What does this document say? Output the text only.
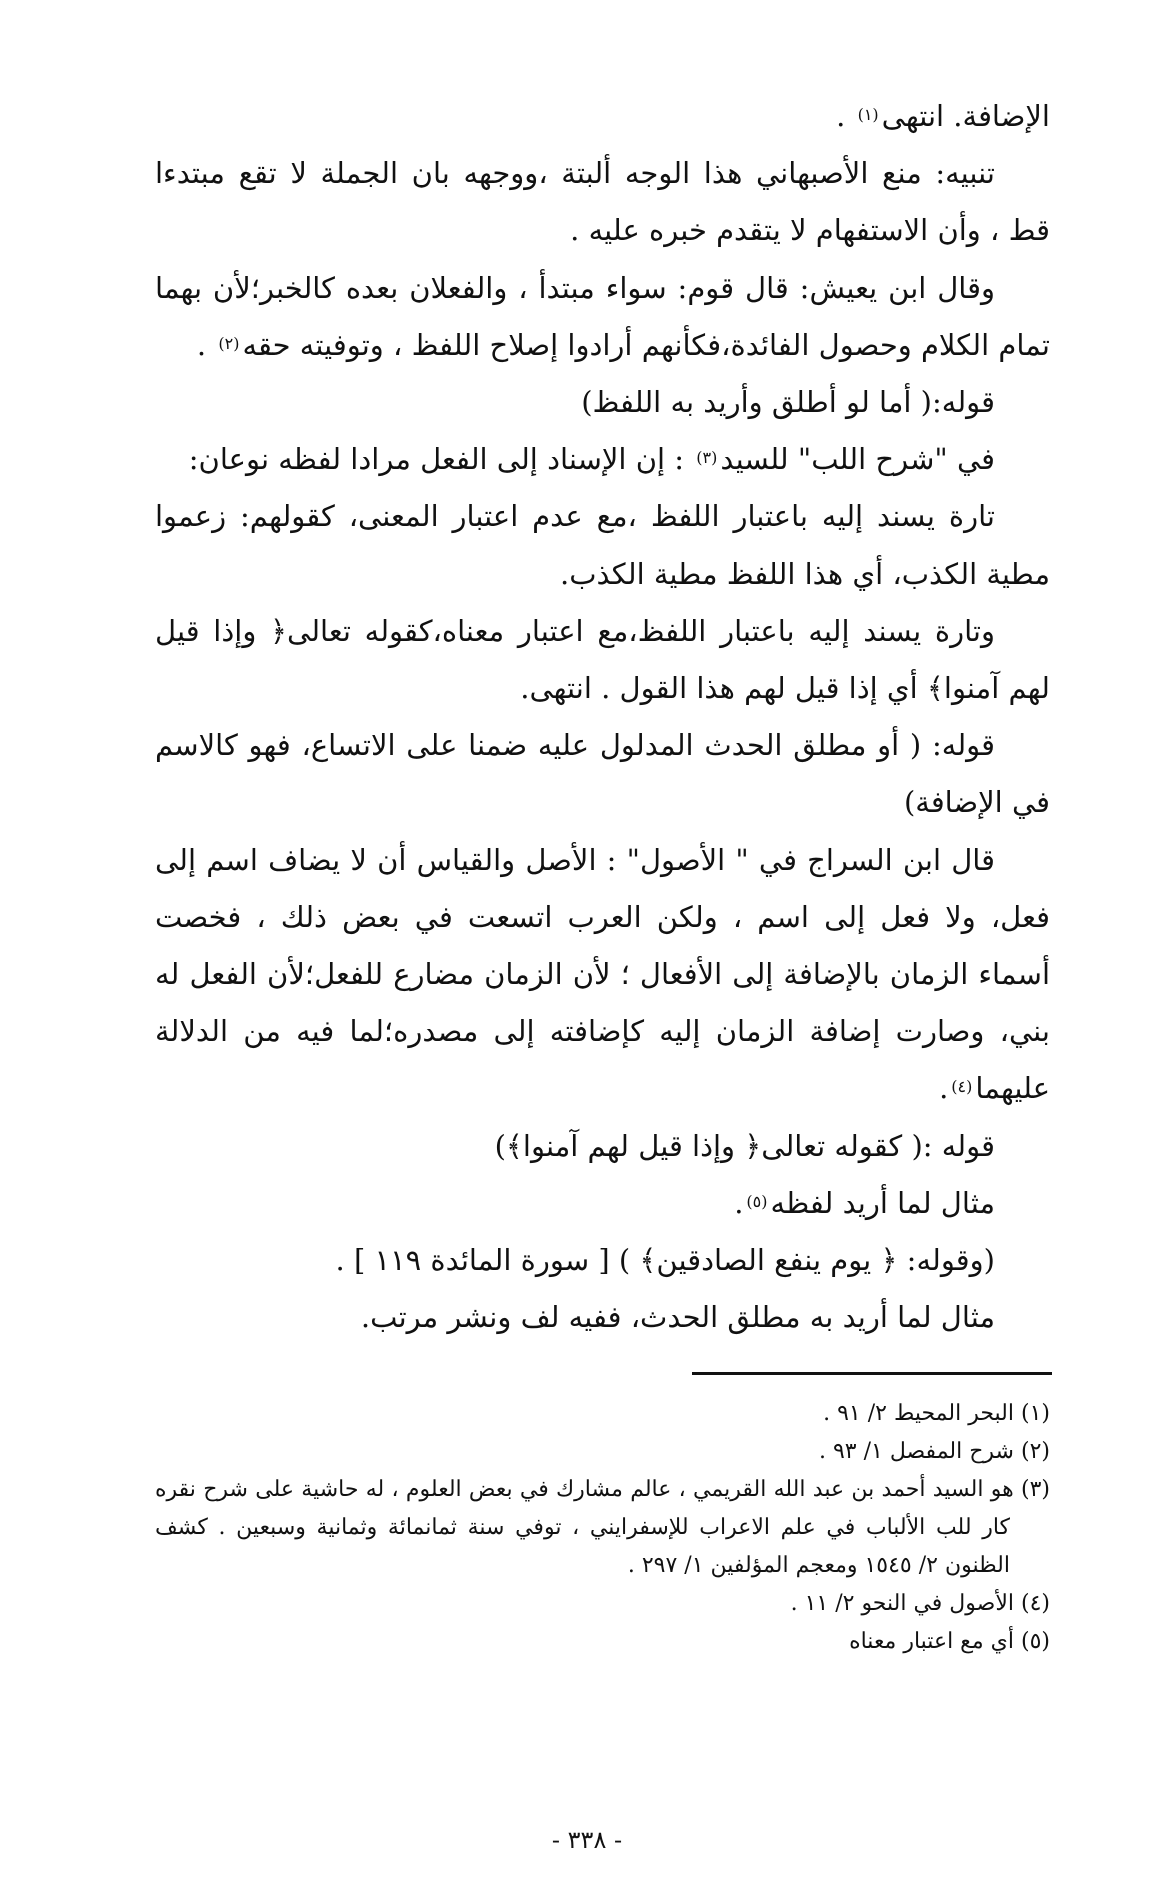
الإضافة. انتهى$^{(١)}$ .

تنبيه: منع الأصبهاني هذا الوجه ألبتة ،ووجهه بان الجملة لا تقع مبتدءا قط ، وأن الاستفهام لا يتقدم خبره عليه .

وقال ابن يعيش: قال قوم: سواء مبتدأ ، والفعلان بعده كالخبر؛لأن بهما تمام الكلام وحصول الفائدة،فكأنهم أرادوا إصلاح اللفظ ، وتوفيته حقه$^{(٢)}$ .

قوله:( أما لو أطلق وأريد به اللفظ)

في "شرح اللب" للسيد$^{(٣)}$ : إن الإسناد إلى الفعل مرادا لفظه نوعان:

تارة يسند إليه باعتبار اللفظ ،مع عدم اعتبار المعنى، كقولهم: زعموا مطية الكذب، أي هذا اللفظ مطية الكذب.

وتارة يسند إليه باعتبار اللفظ،مع اعتبار معناه،كقوله تعالى﴿ وإذا قيل لهم آمنوا﴾ أي إذا قيل لهم هذا القول . انتهى.

قوله: ( أو مطلق الحدث المدلول عليه ضمنا على الاتساع، فهو كالاسم في الإضافة)

قال ابن السراج في " الأصول" : الأصل والقياس أن لا يضاف اسم إلى فعل، ولا فعل إلى اسم ، ولكن العرب اتسعت في بعض ذلك ، فخصت أسماء الزمان بالإضافة إلى الأفعال ؛ لأن الزمان مضارع للفعل؛لأن الفعل له بني، وصارت إضافة الزمان إليه كإضافته إلى مصدره؛لما فيه من الدلالة عليهما$^{(٤)}$.

قوله :( كقوله تعالى﴿ وإذا قيل لهم آمنوا﴾)

مثال لما أريد لفظه$^{(٥)}$.

(وقوله: ﴿ يوم ينفع الصادقين﴾ ) [ سورة المائدة ١١٩ ] .

مثال لما أريد به مطلق الحدث، ففيه لف ونشر مرتب.

(١) البحر المحيط ٢/ ٩١ .

(٢) شرح المفصل ١/ ٩٣ .

(٣) هو السيد أحمد بن عبد الله القريمي ، عالم مشارك في بعض العلوم ، له حاشية على شرح نقره كار للب الألباب في علم الاعراب للإسفرايني ، توفي سنة ثمانمائة وثمانية وسبعين . كشف الظنون ٢/ ١٥٤٥ ومعجم المؤلفين ١/ ٢٩٧ .

(٤) الأصول في النحو ٢/ ١١ .

(٥) أي مع اعتبار معناه

- ٣٣٨ -
